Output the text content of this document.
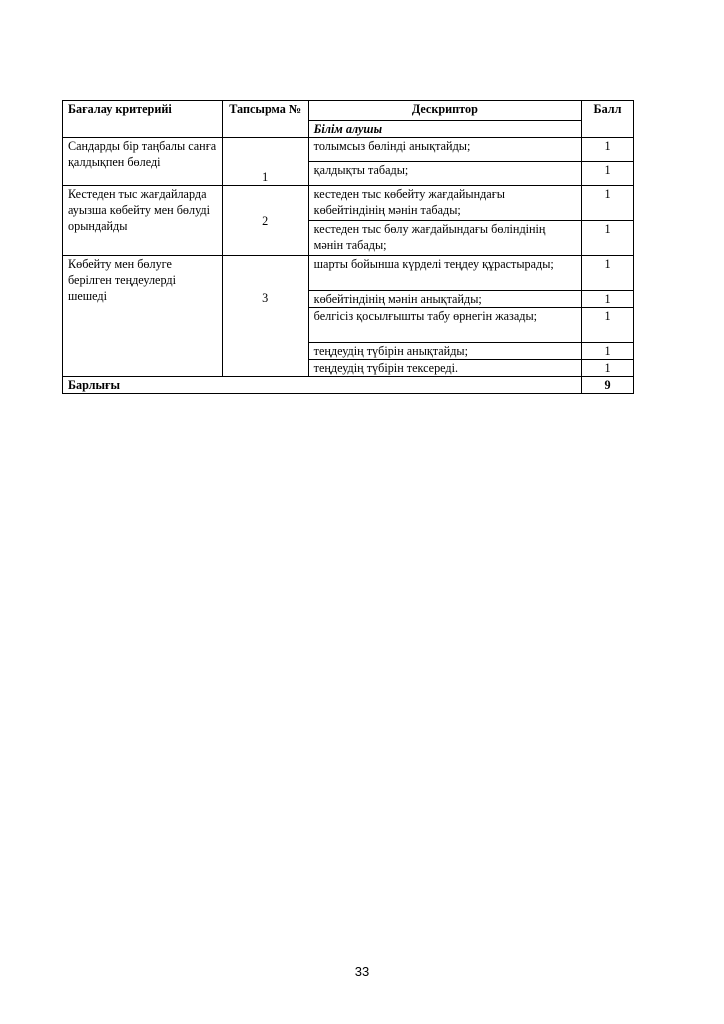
Бағалау критерийі	Тапсырма №	Дескриптор	Балл
		Білім алушы	
Сандарды бір таңбалы санға қалдықпен бөледі	1	толымсыз бөлінді анықтайды;	1
		қалдықты табады;	1
Кестеден тыс жағдайларда ауызша көбейту мен бөлуді орындайды	2	кестеден тыс көбейту жағдайындағы көбейтіндінің мәнін табады;	1
		кестеден тыс бөлу жағдайындағы бөліндінің мәнін табады;	1
Көбейту мен бөлуге берілген теңдеулерді шешеді	3	шарты бойынша күрделі теңдеу құрастырады;	1
		көбейтіндінің мәнін анықтайды;	1
		белгісіз қосылғышты табу өрнегін жазады;	1
		теңдеудің түбірін анықтайды;	1
		теңдеудің түбірін тексереді.	1
Барлығы			9
33
